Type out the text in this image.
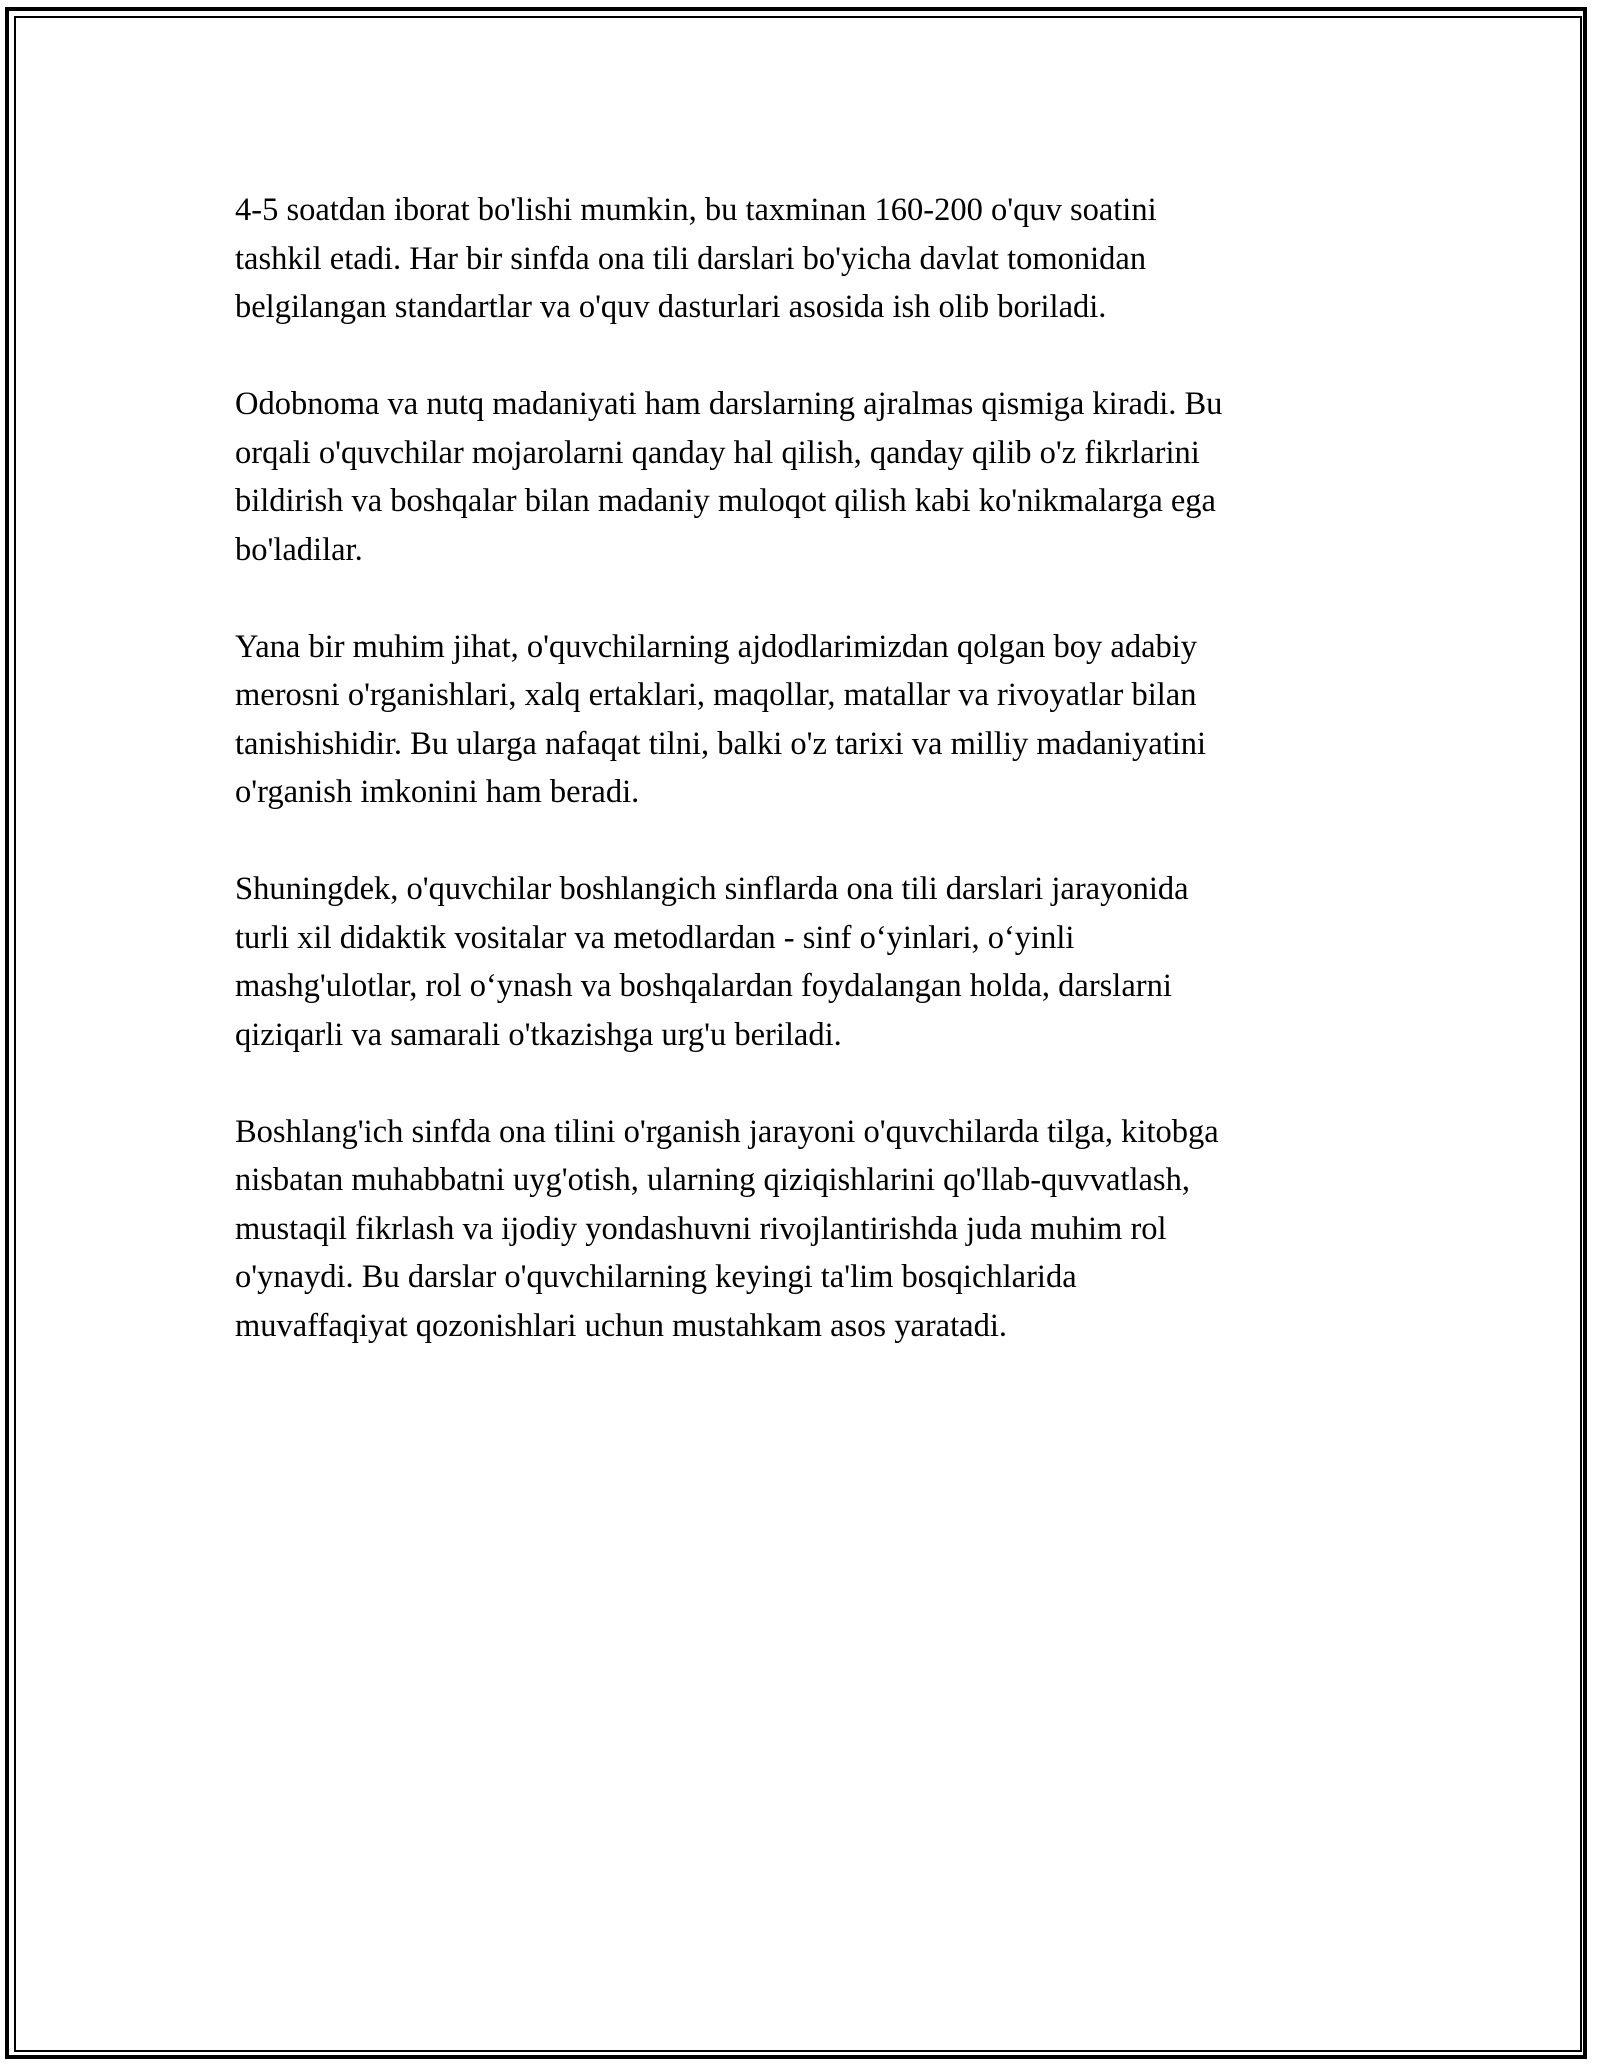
4-5 soatdan iborat bo'lishi mumkin, bu taxminan 160-200 o'quv soatini
tashkil etadi. Har bir sinfda ona tili darslari bo'yicha davlat tomonidan
belgilangan standartlar va o'quv dasturlari asosida ish olib boriladi.

Odobnoma va nutq madaniyati ham darslarning ajralmas qismiga kiradi. Bu
orqali o'quvchilar mojarolarni qanday hal qilish, qanday qilib o'z fikrlarini
bildirish va boshqalar bilan madaniy muloqot qilish kabi ko'nikmalarga ega
bo'ladilar.

Yana bir muhim jihat, o'quvchilarning ajdodlarimizdan qolgan boy adabiy
merosni o'rganishlari, xalq ertaklari, maqollar, matallar va rivoyatlar bilan
tanishishidir. Bu ularga nafaqat tilni, balki o'z tarixi va milliy madaniyatini
o'rganish imkonini ham beradi.

Shuningdek, o'quvchilar boshlangich sinflarda ona tili darslari jarayonida
turli xil didaktik vositalar va metodlardan - sinf o‘yinlari, o‘yinli
mashg'ulotlar, rol o‘ynash va boshqalardan foydalangan holda, darslarni
qiziqarli va samarali o'tkazishga urg'u beriladi.

Boshlang'ich sinfda ona tilini o'rganish jarayoni o'quvchilarda tilga, kitobga
nisbatan muhabbatni uyg'otish, ularning qiziqishlarini qo'llab-quvvatlash,
mustaqil fikrlash va ijodiy yondashuvni rivojlantirishda juda muhim rol
o'ynaydi. Bu darslar o'quvchilarning keyingi ta'lim bosqichlarida
muvaffaqiyat qozonishlari uchun mustahkam asos yaratadi.
